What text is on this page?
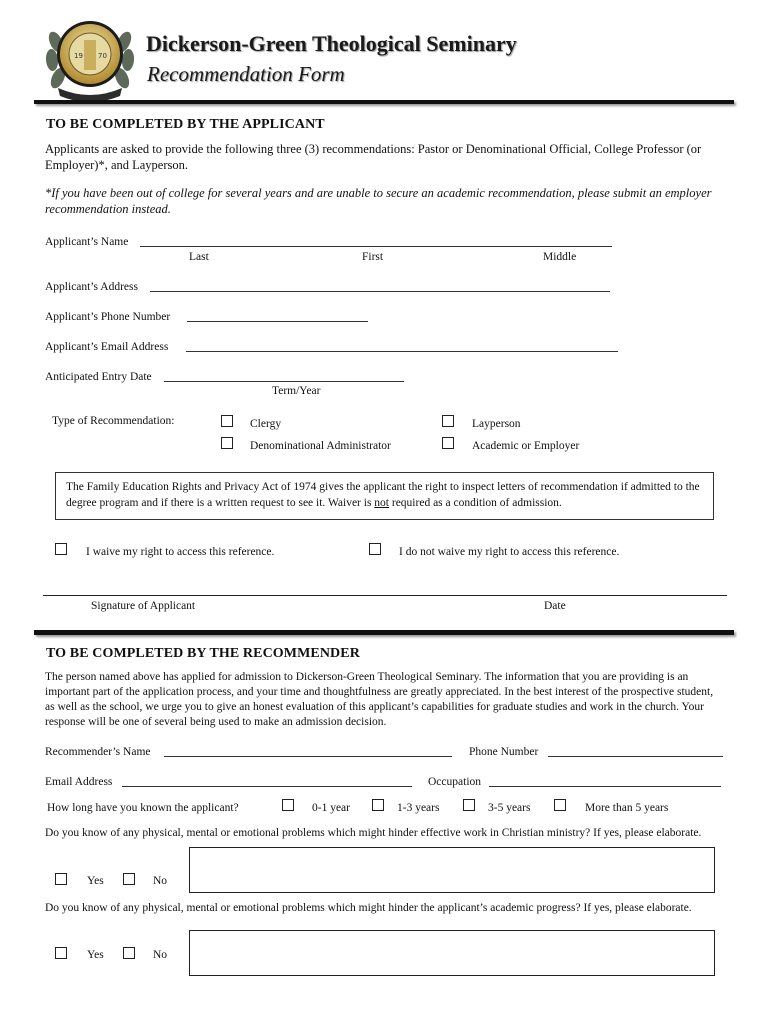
19 70 Dickerson-Green Theological Seminary
Recommendation Form
TO BE COMPLETED BY THE APPLICANT
Applicants are asked to provide the following three (3) recommendations: Pastor or Denominational Official, College Professor (or Employer)*, and Layperson.
*If you have been out of college for several years and are unable to secure an academic recommendation, please submit an employer recommendation instead.
Applicant’s Name
Last	First	Middle
Applicant’s Address
Applicant’s Phone Number
Applicant’s Email Address
Anticipated Entry Date
Term/Year
Type of Recommendation:	Clergy	Layperson
Denominational Administrator	Academic or Employer
The Family Education Rights and Privacy Act of 1974 gives the applicant the right to inspect letters of recommendation if admitted to the degree program and if there is a written request to see it. Waiver is not required as a condition of admission.
I waive my right to access this reference.	I do not waive my right to access this reference.
Signature of Applicant	Date
TO BE COMPLETED BY THE RECOMMENDER
The person named above has applied for admission to Dickerson-Green Theological Seminary. The information that you are providing is an important part of the application process, and your time and thoughtfulness are greatly appreciated. In the best interest of the prospective student, as well as the school, we urge you to give an honest evaluation of this applicant’s capabilities for graduate studies and work in the church. Your response will be one of several being used to make an admission decision.
Recommender’s Name	Phone Number
Email Address	Occupation
How long have you known the applicant?	0-1 year	1-3 years	3-5 years	More than 5 years
Do you know of any physical, mental or emotional problems which might hinder effective work in Christian ministry? If yes, please elaborate.
Yes	No
Do you know of any physical, mental or emotional problems which might hinder the applicant’s academic progress? If yes, please elaborate.
Yes	No
